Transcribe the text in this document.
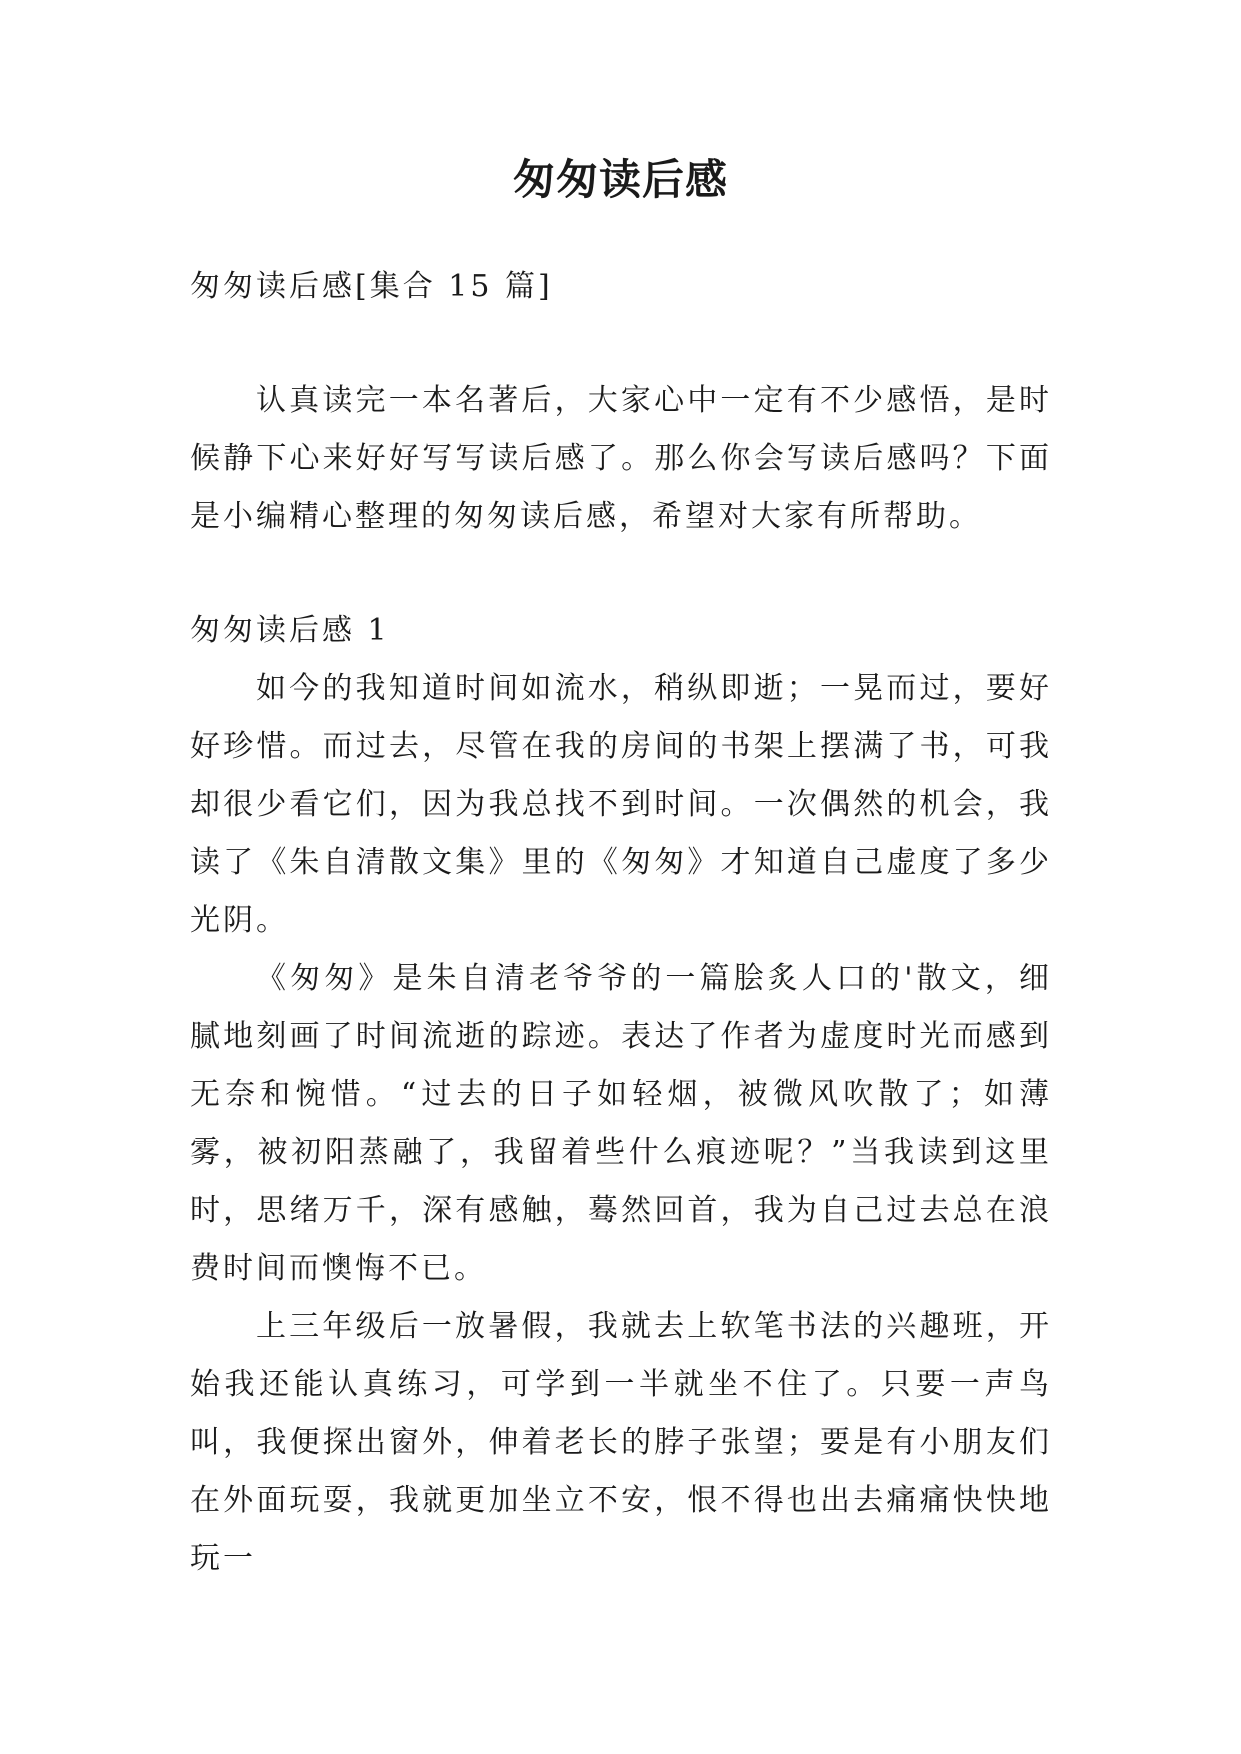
匆匆读后感

匆匆读后感[集合 15 篇]

认真读完一本名著后，大家心中一定有不少感悟，是时候静下心来好好写写读后感了。那么你会写读后感吗？下面是小编精心整理的匆匆读后感，希望对大家有所帮助。

匆匆读后感 1

如今的我知道时间如流水，稍纵即逝；一晃而过，要好好珍惜。而过去，尽管在我的房间的书架上摆满了书，可我却很少看它们，因为我总找不到时间。一次偶然的机会，我读了《朱自清散文集》里的《匆匆》才知道自己虚度了多少光阴。

《匆匆》是朱自清老爷爷的一篇脍炙人口的'散文，细腻地刻画了时间流逝的踪迹。表达了作者为虚度时光而感到无奈和惋惜。“过去的日子如轻烟，被微风吹散了；如薄雾，被初阳蒸融了，我留着些什么痕迹呢？”当我读到这里时，思绪万千，深有感触，蓦然回首，我为自己过去总在浪费时间而懊悔不已。

上三年级后一放暑假，我就去上软笔书法的兴趣班，开始我还能认真练习，可学到一半就坐不住了。只要一声鸟叫，我便探出窗外，伸着老长的脖子张望；要是有小朋友们在外面玩耍，我就更加坐立不安，恨不得也出去痛痛快快地玩一
